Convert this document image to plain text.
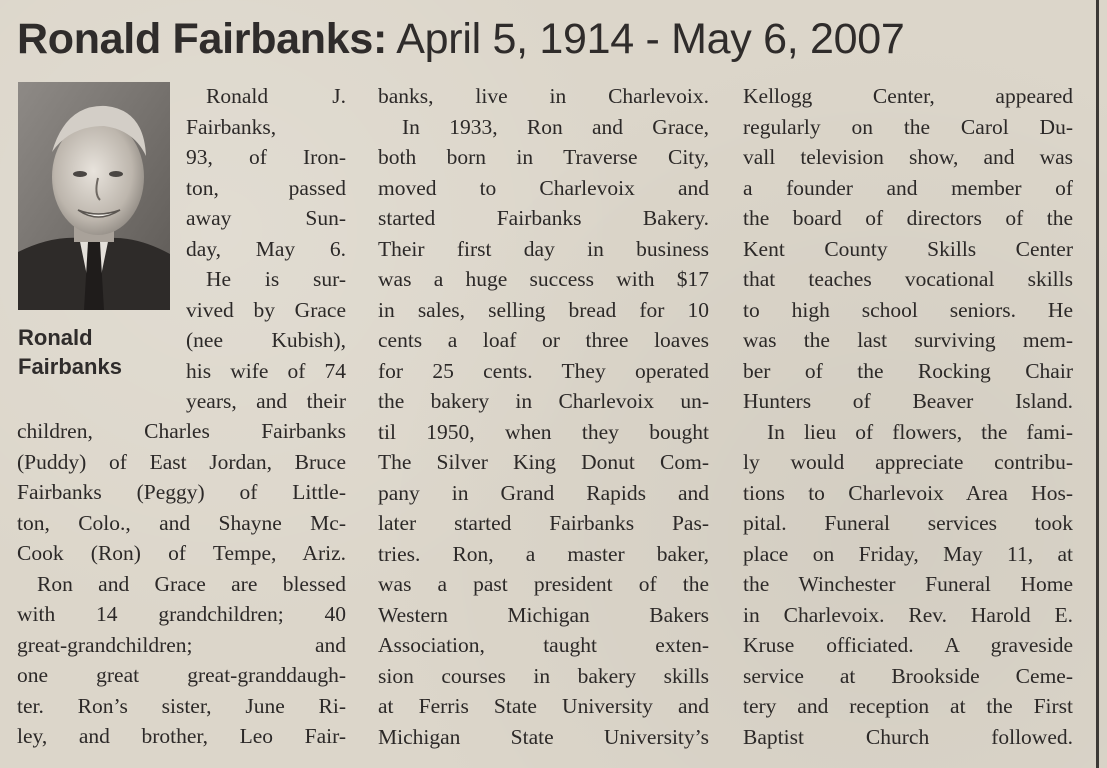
Ronald Fairbanks: April 5, 1914 - May 6, 2007

Ronald
Fairbanks

Ronald J.
Fairbanks,
93, of Iron-
ton, passed
away Sun-
day, May 6.
He is sur-
vived by Grace
(nee Kubish),
his wife of 74
years, and their
children, Charles Fairbanks
(Puddy) of East Jordan, Bruce
Fairbanks (Peggy) of Little-
ton, Colo., and Shayne Mc-
Cook (Ron) of Tempe, Ariz.
Ron and Grace are blessed
with 14 grandchildren; 40
great-grandchildren; and
one great great-granddaugh-
ter. Ron’s sister, June Ri-
ley, and brother, Leo Fair-
banks, live in Charlevoix.
In 1933, Ron and Grace,
both born in Traverse City,
moved to Charlevoix and
started Fairbanks Bakery.
Their first day in business
was a huge success with $17
in sales, selling bread for 10
cents a loaf or three loaves
for 25 cents. They operated
the bakery in Charlevoix un-
til 1950, when they bought
The Silver King Donut Com-
pany in Grand Rapids and
later started Fairbanks Pas-
tries. Ron, a master baker,
was a past president of the
Western Michigan Bakers
Association, taught exten-
sion courses in bakery skills
at Ferris State University and
Michigan State University’s
Kellogg Center, appeared
regularly on the Carol Du-
vall television show, and was
a founder and member of
the board of directors of the
Kent County Skills Center
that teaches vocational skills
to high school seniors. He
was the last surviving mem-
ber of the Rocking Chair
Hunters of Beaver Island.
In lieu of flowers, the fami-
ly would appreciate contribu-
tions to Charlevoix Area Hos-
pital. Funeral services took
place on Friday, May 11, at
the Winchester Funeral Home
in Charlevoix. Rev. Harold E.
Kruse officiated. A graveside
service at Brookside Ceme-
tery and reception at the First
Baptist Church followed.
